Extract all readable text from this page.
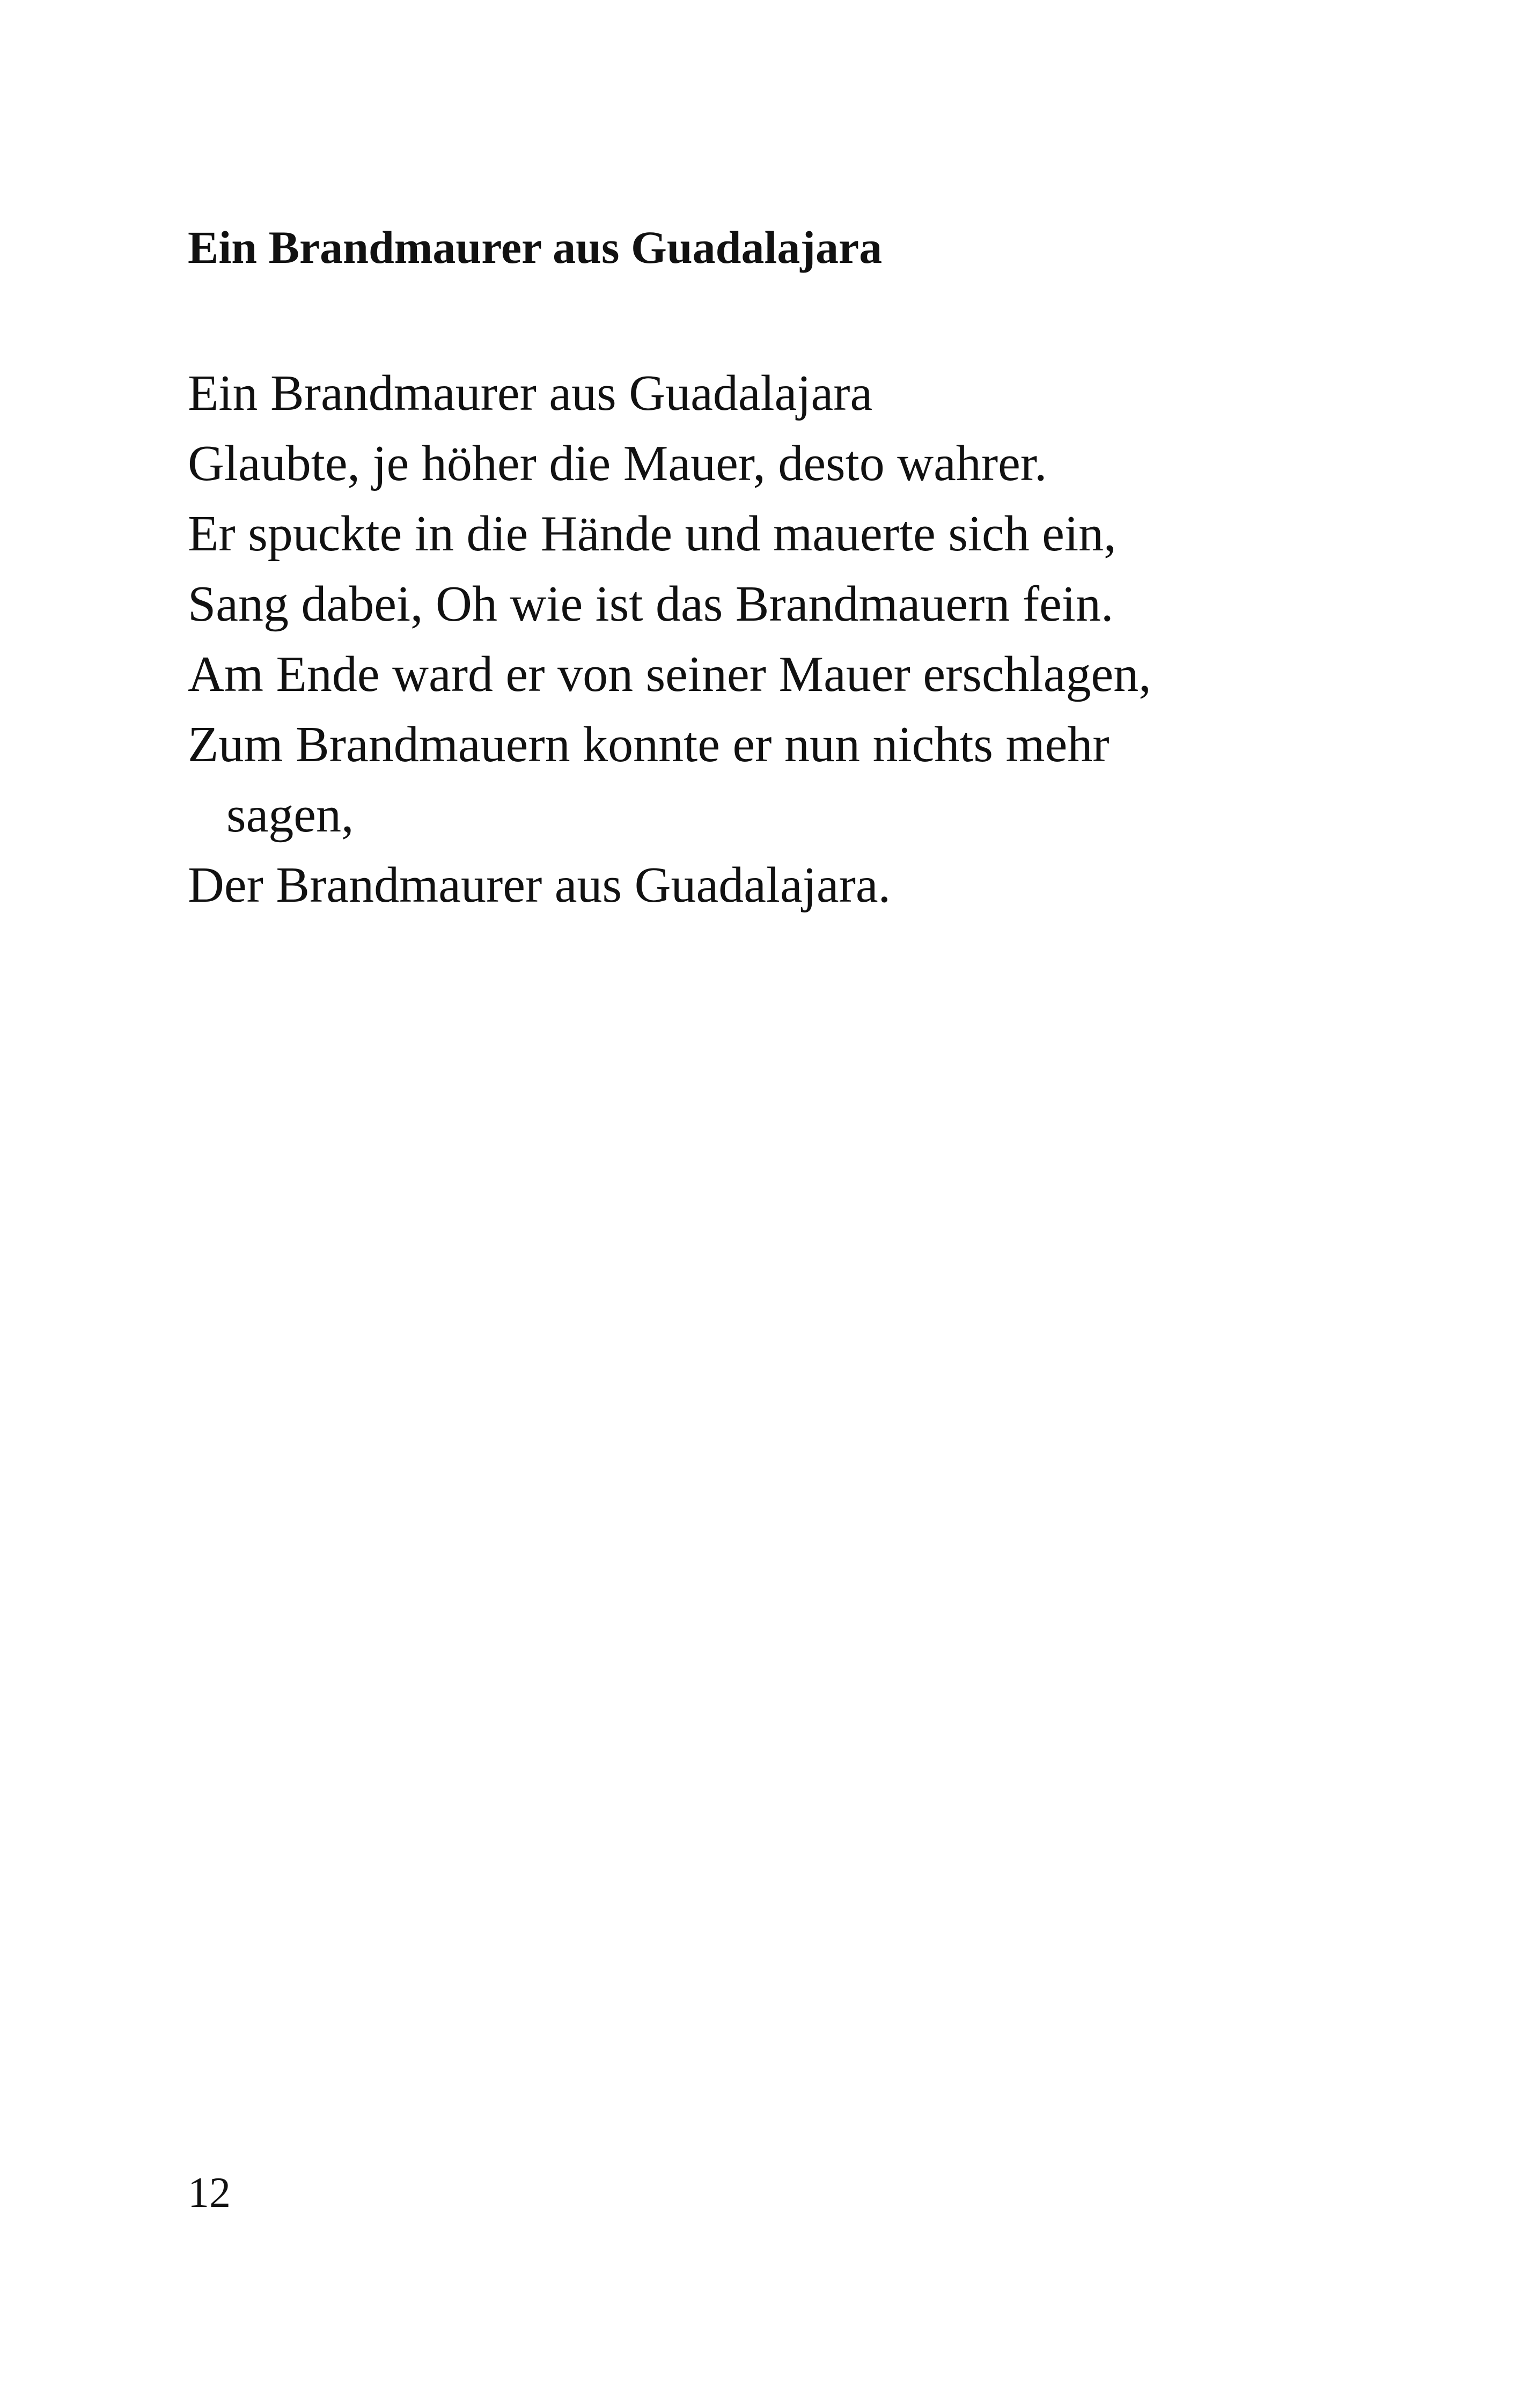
Ein Brandmaurer aus Guadalajara
Ein Brandmaurer aus Guadalajara
Glaubte, je höher die Mauer, desto wahrer.
Er spuckte in die Hände und mauerte sich ein,
Sang dabei, Oh wie ist das Brandmauern fein.
Am Ende ward er von seiner Mauer erschlagen,
Zum Brandmauern konnte er nun nichts mehr
sagen,
Der Brandmaurer aus Guadalajara.
12
